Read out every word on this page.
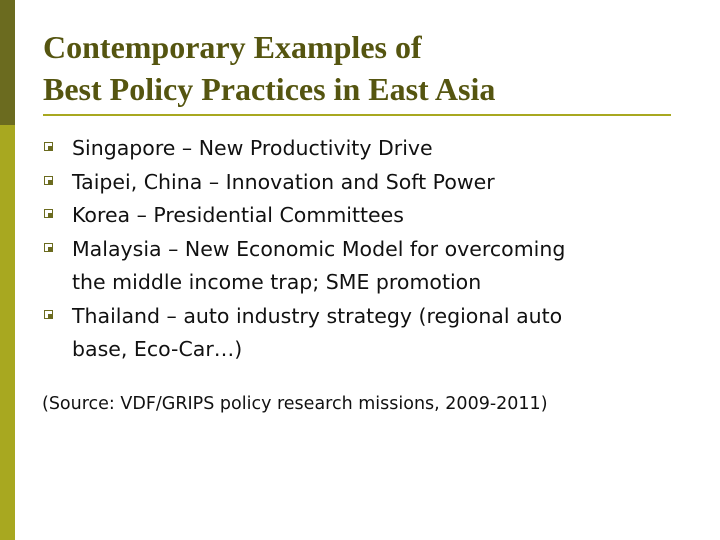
Contemporary Examples of
Best Policy Practices in East Asia
Singapore – New Productivity Drive
Taipei, China – Innovation and Soft Power
Korea – Presidential Committees
Malaysia – New Economic Model for overcoming
the middle income trap; SME promotion
Thailand – auto industry strategy (regional auto
base, Eco-Car…)
(Source: VDF/GRIPS policy research missions, 2009-2011)
